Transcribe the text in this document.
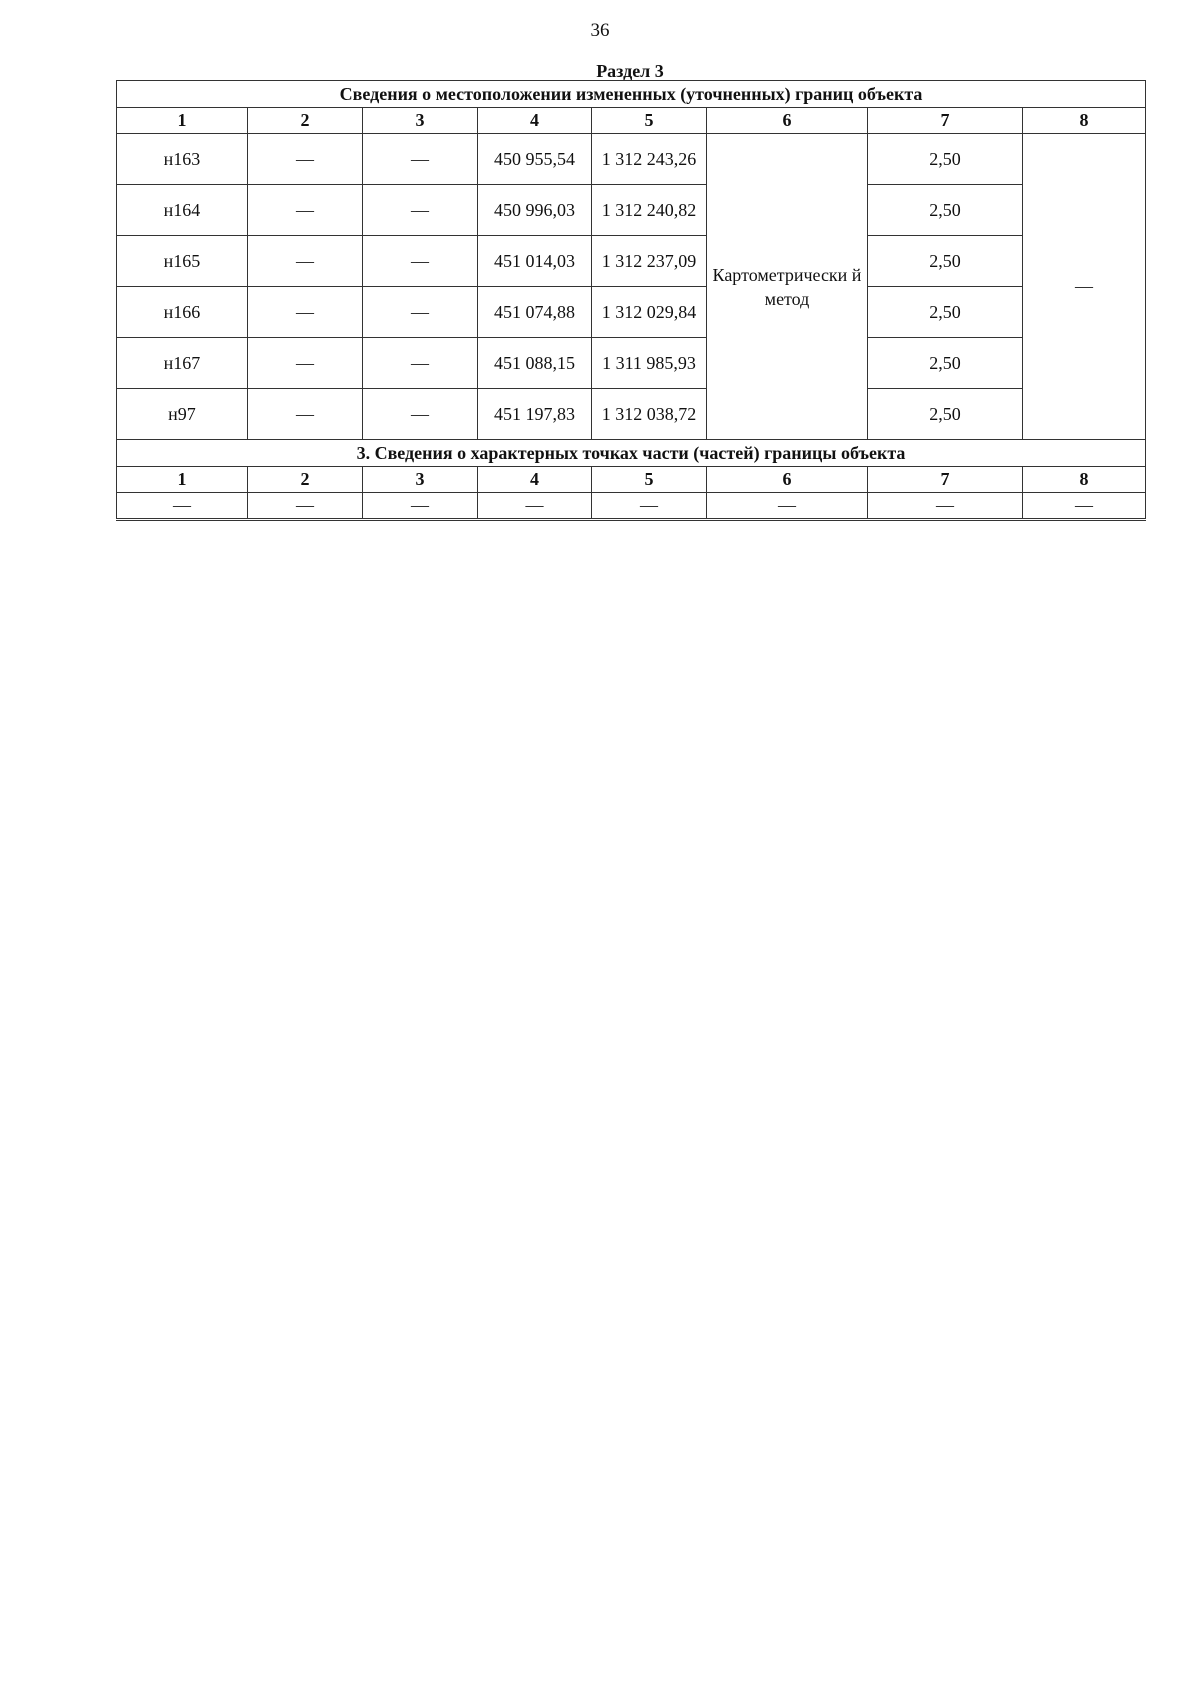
36
Раздел 3
Сведения о местоположении измененных (уточненных) границ объекта							
1	2	3	4	5	6	7	8
н163	—	—	450 955,54	1 312 243,26	Картометрически й метод	2,50	—
н164	—	—	450 996,03	1 312 240,82		2,50	
н165	—	—	451 014,03	1 312 237,09		2,50	
н166	—	—	451 074,88	1 312 029,84		2,50	
н167	—	—	451 088,15	1 311 985,93		2,50	
н97	—	—	451 197,83	1 312 038,72		2,50	
3. Сведения о характерных точках части (частей) границы объекта							
1	2	3	4	5	6	7	8
—	—	—	—	—	—	—	—
